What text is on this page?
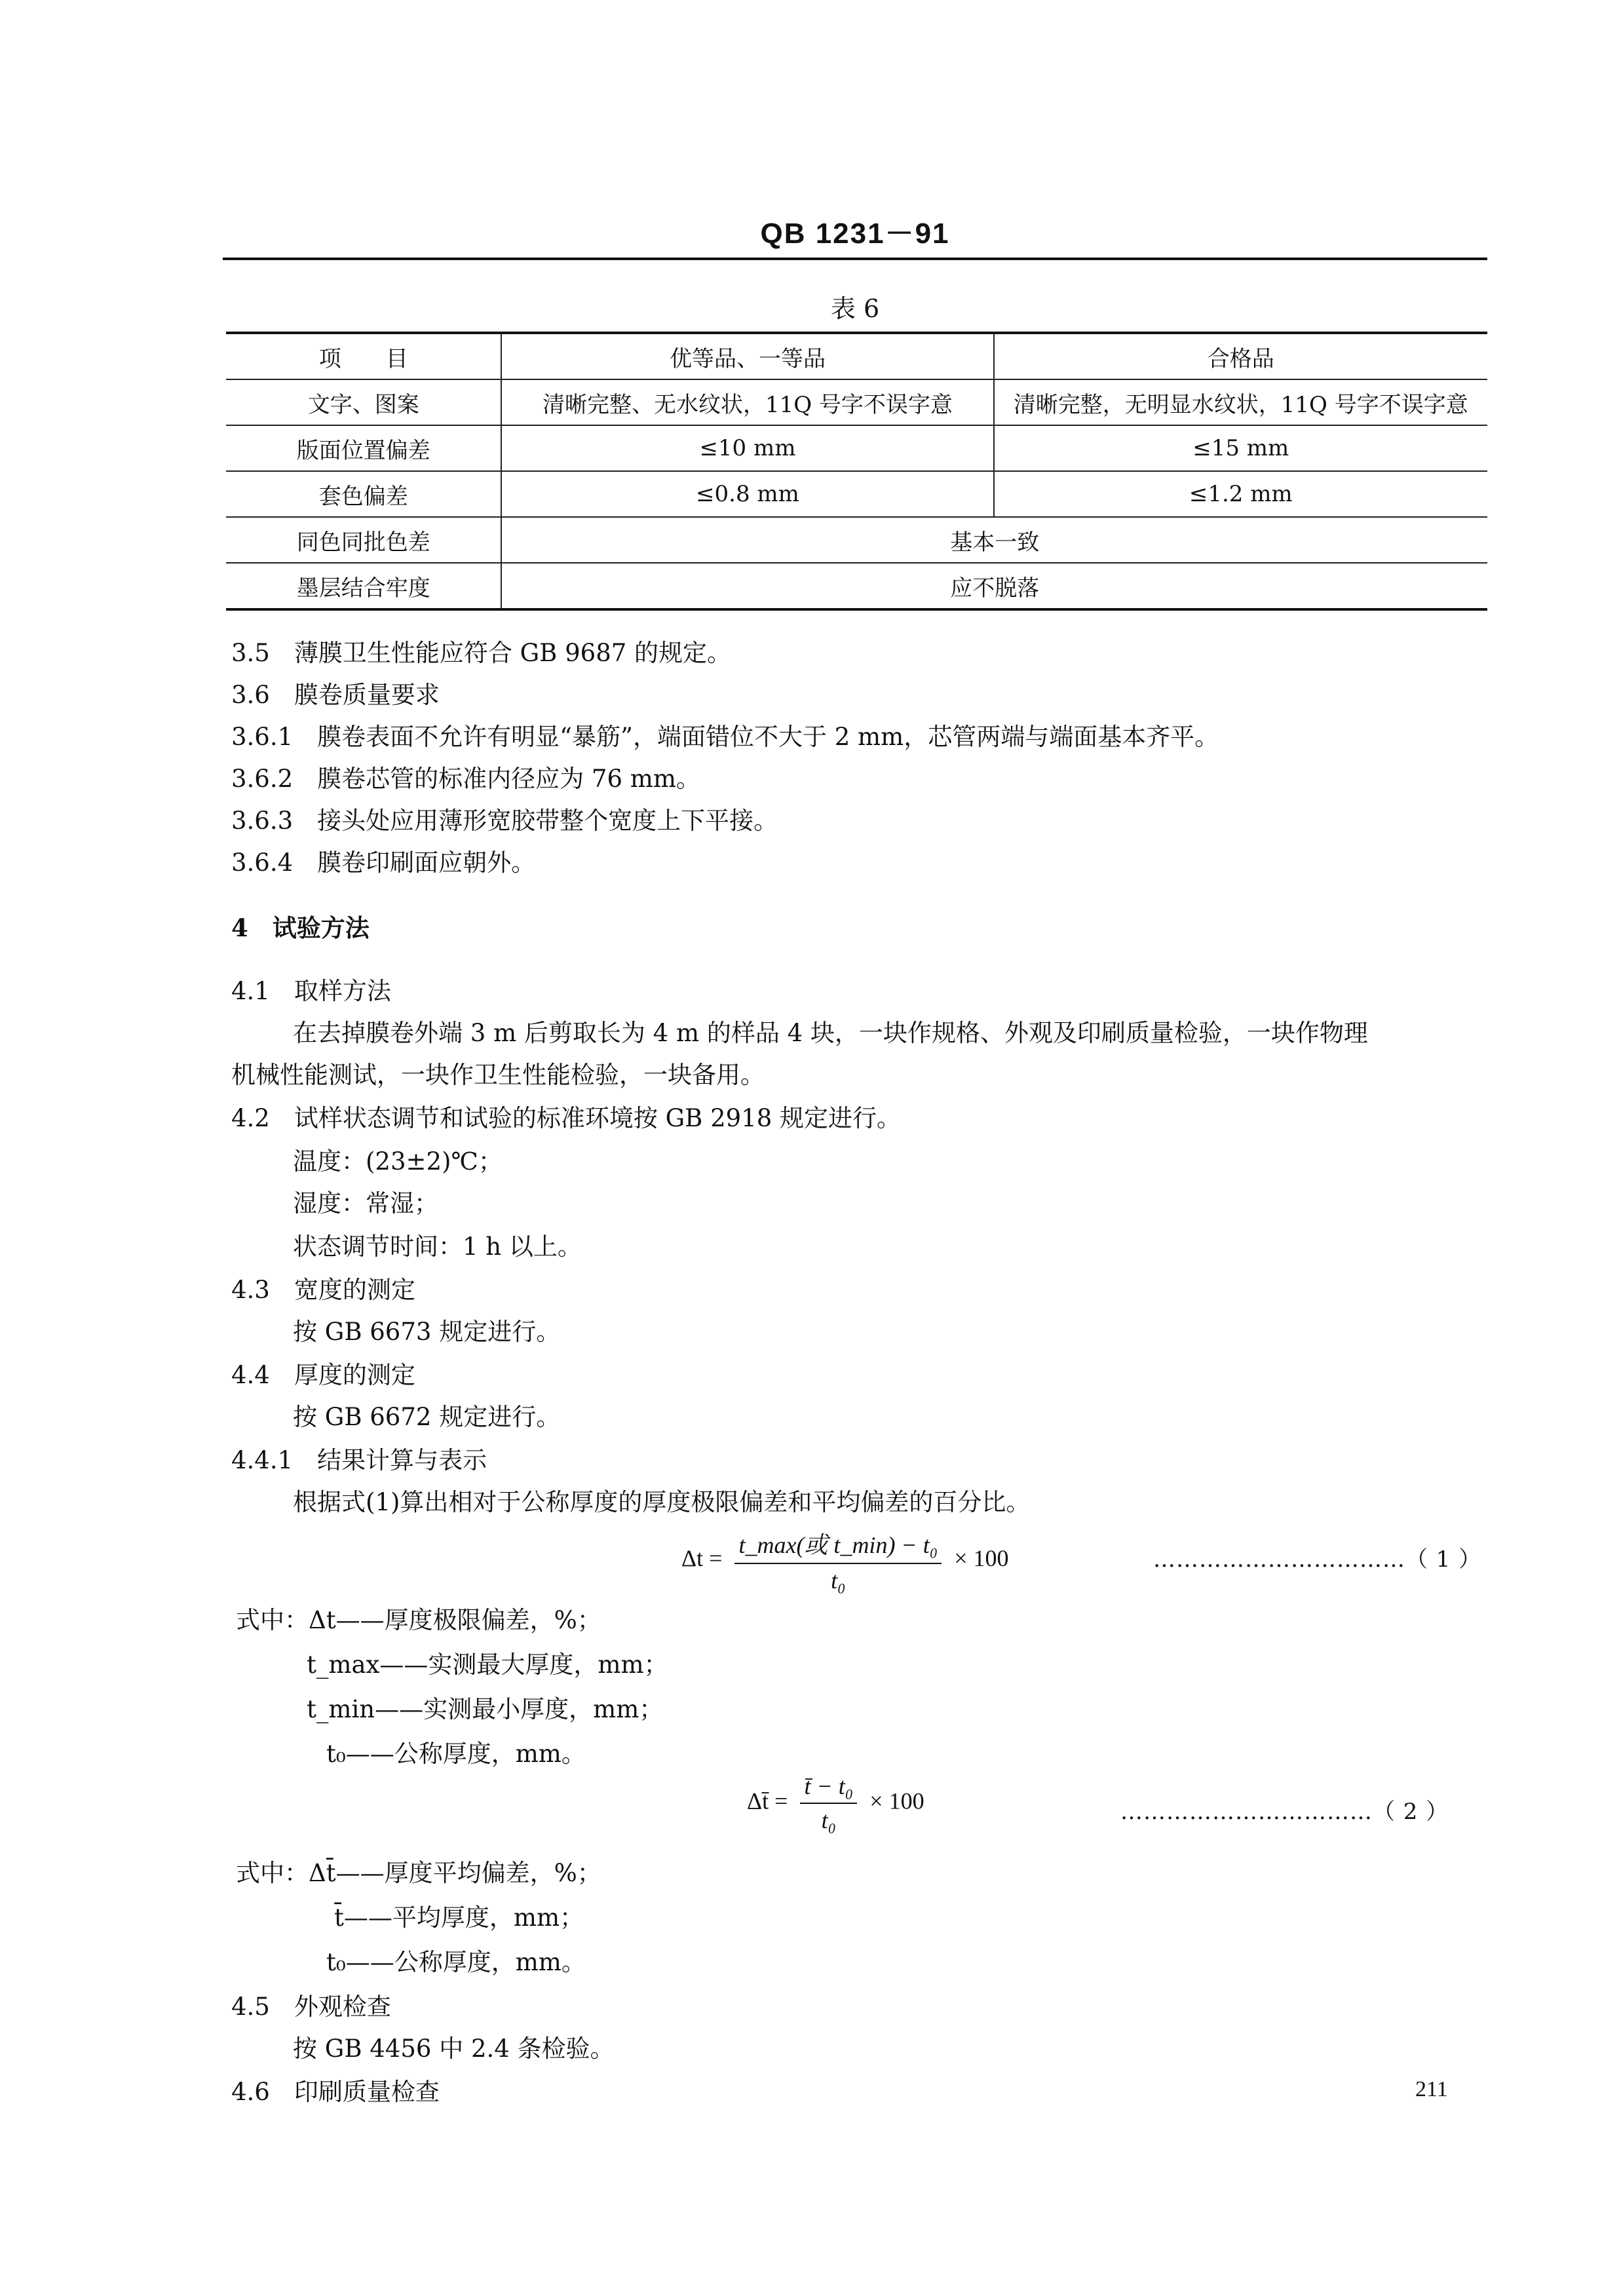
QB 1231－91
表 6
项　　目	优等品、一等品	合格品
文字、图案	清晰完整、无水纹状，11Q 号字不误字意	清晰完整，无明显水纹状，11Q 号字不误字意
版面位置偏差	≤10 mm	≤15 mm
套色偏差	≤0.8 mm	≤1.2 mm
同色同批色差	基本一致	
墨层结合牢度	应不脱落	
3.5　薄膜卫生性能应符合 GB 9687 的规定。
3.6　膜卷质量要求
3.6.1　膜卷表面不允许有明显“暴筋”，端面错位不大于 2 mm，芯管两端与端面基本齐平。
3.6.2　膜卷芯管的标准内径应为 76 mm。
3.6.3　接头处应用薄形宽胶带整个宽度上下平接。
3.6.4　膜卷印刷面应朝外。
4　试验方法
4.1　取样方法
在去掉膜卷外端 3 m 后剪取长为 4 m 的样品 4 块，一块作规格、外观及印刷质量检验，一块作物理
机械性能测试，一块作卫生性能检验，一块备用。
4.2　试样状态调节和试验的标准环境按 GB 2918 规定进行。
温度：(23±2)℃；
湿度：常湿；
状态调节时间：1 h 以上。
4.3　宽度的测定
按 GB 6673 规定进行。
4.4　厚度的测定
按 GB 6672 规定进行。
4.4.1　结果计算与表示
根据式(1)算出相对于公称厚度的厚度极限偏差和平均偏差的百分比。
$\Delta t = \frac{\text{t\_max(或 t\_min) − t₀}}{\text{t₀}} \times 100$	……………………………（ 1 ）
式中：Δt——厚度极限偏差，%；
t_max——实测最大厚度，mm；
t_min——实测最小厚度，mm；
t₀——公称厚度，mm。
Δt̄ = $\frac{\text{t̄ − t₀}}{\text{t₀}} \times 100$	……………………………（ 2 ）
式中：Δt̄——厚度平均偏差，%；
t̄——平均厚度，mm；
t₀——公称厚度，mm。
4.5　外观检查
按 GB 4456 中 2.4 条检验。
4.6　印刷质量检查	211
